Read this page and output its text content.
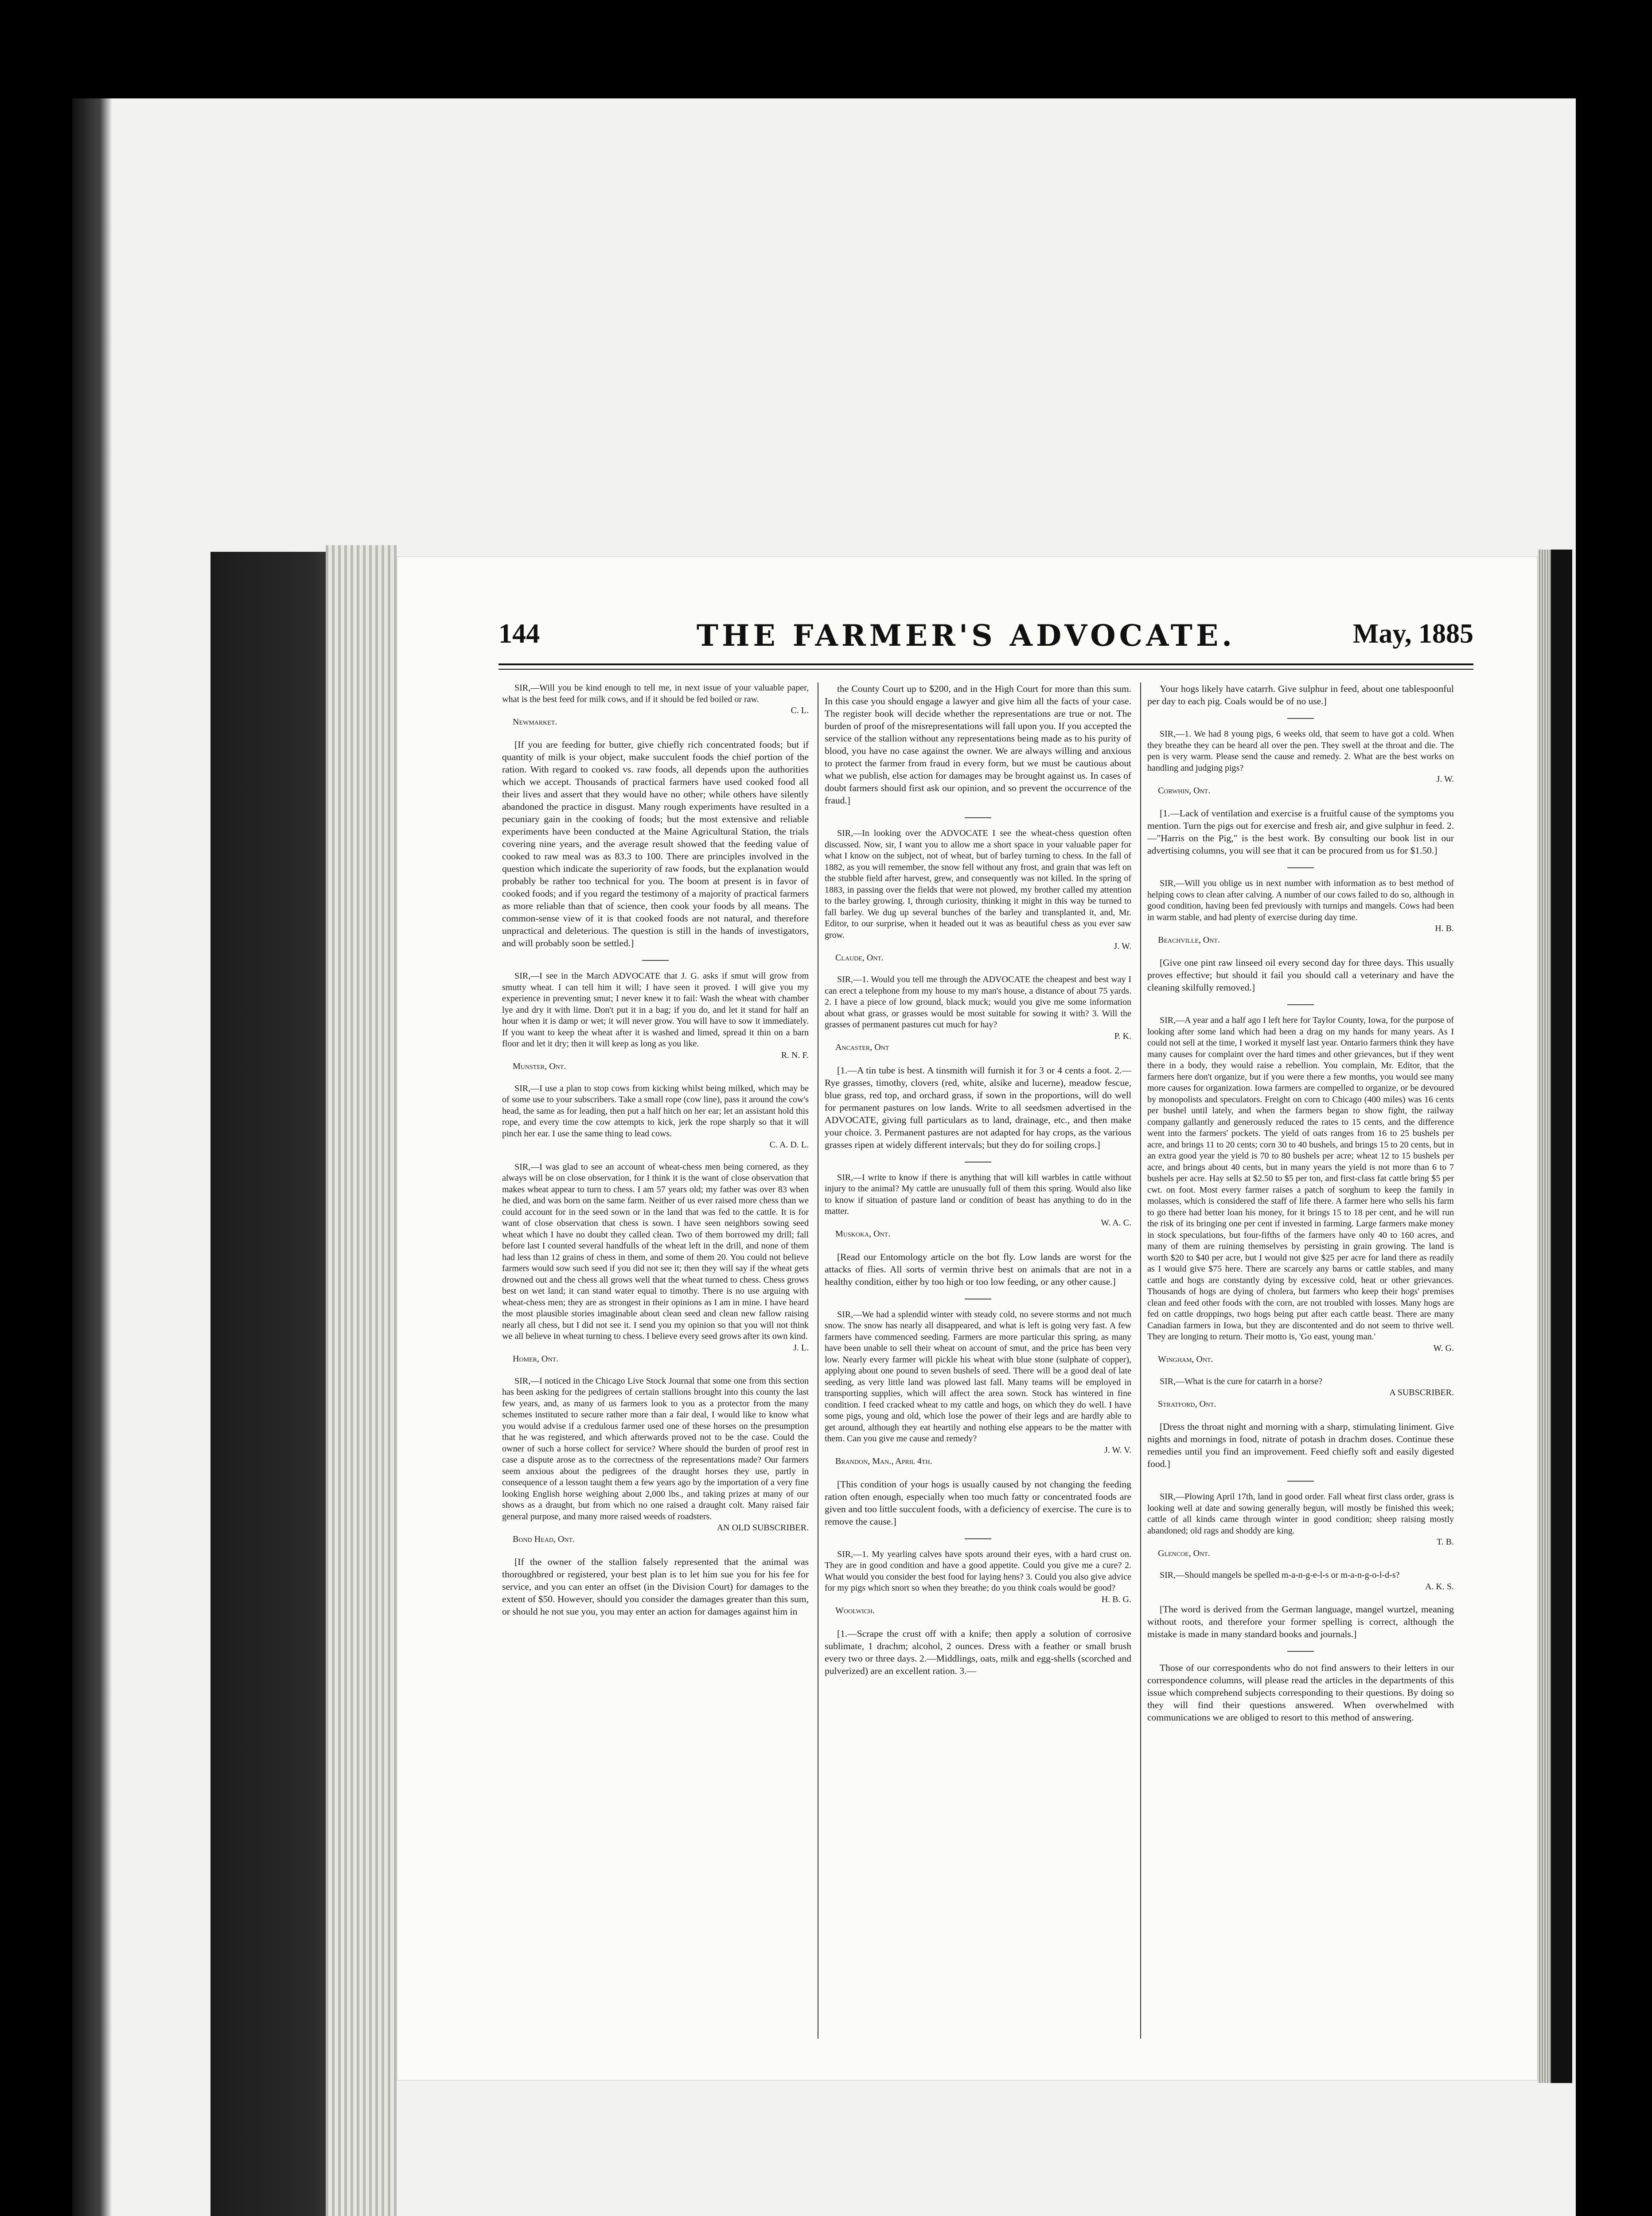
144	THE FARMER'S ADVOCATE.	May, 1885

SIR,—Will you be kind enough to tell me, in next issue of your valuable paper, what is the best feed for milk cows, and if it should be fed boiled or raw.
C. L.
Newmarket.

[If you are feeding for butter, give chiefly rich concentrated foods; but if quantity of milk is your object, make succulent foods the chief portion of the ration. With regard to cooked vs. raw foods, all depends upon the authorities which we accept. Thousands of practical farmers have used cooked food all their lives and assert that they would have no other; while others have silently abandoned the practice in disgust. Many rough experiments have resulted in a pecuniary gain in the cooking of foods; but the most extensive and reliable experiments have been conducted at the Maine Agricultural Station, the trials covering nine years, and the average result showed that the feeding value of cooked to raw meal was as 83.3 to 100. There are principles involved in the question which indicate the superiority of raw foods, but the explanation would probably be rather too technical for you. The boom at present is in favor of cooked foods; and if you regard the testimony of a majority of practical farmers as more reliable than that of science, then cook your foods by all means. The common-sense view of it is that cooked foods are not natural, and therefore unpractical and deleterious. The question is still in the hands of investigators, and will probably soon be settled.]

SIR,—I see in the March ADVOCATE that J. G. asks if smut will grow from smutty wheat. I can tell him it will; I have seen it proved. I will give you my experience in preventing smut; I never knew it to fail: Wash the wheat with chamber lye and dry it with lime. Don't put it in a bag; if you do, and let it stand for half an hour when it is damp or wet; it will never grow. You will have to sow it immediately. If you want to keep the wheat after it is washed and limed, spread it thin on a barn floor and let it dry; then it will keep as long as you like.
R. N. F.
Munster, Ont.

SIR,—I use a plan to stop cows from kicking whilst being milked, which may be of some use to your subscribers. Take a small rope (cow line), pass it around the cow's head, the same as for leading, then put a half hitch on her ear; let an assistant hold this rope, and every time the cow attempts to kick, jerk the rope sharply so that it will pinch her ear. I use the same thing to lead cows.
C. A. D. L.

SIR,—I was glad to see an account of wheat-chess men being cornered, as they always will be on close observation, for I think it is the want of close observation that makes wheat appear to turn to chess. I am 57 years old; my father was over 83 when he died, and was born on the same farm. Neither of us ever raised more chess than we could account for in the seed sown or in the land that was fed to the cattle. It is for want of close observation that chess is sown. I have seen neighbors sowing seed wheat which I have no doubt they called clean. Two of them borrowed my drill; fall before last I counted several handfulls of the wheat left in the drill, and none of them had less than 12 grains of chess in them, and some of them 20. You could not believe farmers would sow such seed if you did not see it; then they will say if the wheat gets drowned out and the chess all grows well that the wheat turned to chess. Chess grows best on wet land; it can stand water equal to timothy. There is no use arguing with wheat-chess men; they are as strongest in their opinions as I am in mine. I have heard the most plausible stories imaginable about clean seed and clean new fallow raising nearly all chess, but I did not see it. I send you my opinion so that you will not think we all believe in wheat turning to chess. I believe every seed grows after its own kind.
J. L.
Homer, Ont.

SIR,—I noticed in the Chicago Live Stock Journal that some one from this section has been asking for the pedigrees of certain stallions brought into this county the last few years, and, as many of us farmers look to you as a protector from the many schemes instituted to secure rather more than a fair deal, I would like to know what you would advise if a credulous farmer used one of these horses on the presumption that he was registered, and which afterwards proved not to be the case. Could the owner of such a horse collect for service? Where should the burden of proof rest in case a dispute arose as to the correctness of the representations made? Our farmers seem anxious about the pedigrees of the draught horses they use, partly in consequence of a lesson taught them a few years ago by the importation of a very fine looking English horse weighing about 2,000 lbs., and taking prizes at many of our shows as a draught, but from which no one raised a draught colt. Many raised fair general purpose, and many more raised weeds of roadsters.
AN OLD SUBSCRIBER.
Bond Head, Ont.

[If the owner of the stallion falsely represented that the animal was thoroughbred or registered, your best plan is to let him sue you for his fee for service, and you can enter an offset (in the Division Court) for damages to the extent of $50. However, should you consider the damages greater than this sum, or should he not sue you, you may enter an action for damages against him in

the County Court up to $200, and in the High Court for more than this sum. In this case you should engage a lawyer and give him all the facts of your case. The register book will decide whether the representations are true or not. The burden of proof of the misrepresentations will fall upon you. If you accepted the service of the stallion without any representations being made as to his purity of blood, you have no case against the owner. We are always willing and anxious to protect the farmer from fraud in every form, but we must be cautious about what we publish, else action for damages may be brought against us. In cases of doubt farmers should first ask our opinion, and so prevent the occurrence of the fraud.]

SIR,—In looking over the ADVOCATE I see the wheat-chess question often discussed. Now, sir, I want you to allow me a short space in your valuable paper for what I know on the subject, not of wheat, but of barley turning to chess. In the fall of 1882, as you will remember, the snow fell without any frost, and grain that was left on the stubble field after harvest, grew, and consequently was not killed. In the spring of 1883, in passing over the fields that were not plowed, my brother called my attention to the barley growing. I, through curiosity, thinking it might in this way be turned to fall barley. We dug up several bunches of the barley and transplanted it, and, Mr. Editor, to our surprise, when it headed out it was as beautiful chess as you ever saw grow.
J. W.
Claude, Ont.

SIR,—1. Would you tell me through the ADVOCATE the cheapest and best way I can erect a telephone from my house to my man's house, a distance of about 75 yards. 2. I have a piece of low ground, black muck; would you give me some information about what grass, or grasses would be most suitable for sowing it with? 3. Will the grasses of permanent pastures cut much for hay?
P. K.
Ancaster, Ont

[1.—A tin tube is best. A tinsmith will furnish it for 3 or 4 cents a foot. 2.—Rye grasses, timothy, clovers (red, white, alsike and lucerne), meadow fescue, blue grass, red top, and orchard grass, if sown in the proportions, will do well for permanent pastures on low lands. Write to all seedsmen advertised in the ADVOCATE, giving full particulars as to land, drainage, etc., and then make your choice. 3. Permanent pastures are not adapted for hay crops, as the various grasses ripen at widely different intervals; but they do for soiling crops.]

SIR,—I write to know if there is anything that will kill warbles in cattle without injury to the animal? My cattle are unusually full of them this spring. Would also like to know if situation of pasture land or condition of beast has anything to do in the matter.
W. A. C.
Muskoka, Ont.

[Read our Entomology article on the bot fly. Low lands are worst for the attacks of flies. All sorts of vermin thrive best on animals that are not in a healthy condition, either by too high or too low feeding, or any other cause.]

SIR,—We had a splendid winter with steady cold, no severe storms and not much snow. The snow has nearly all disappeared, and what is left is going very fast. A few farmers have commenced seeding. Farmers are more particular this spring, as many have been unable to sell their wheat on account of smut, and the price has been very low. Nearly every farmer will pickle his wheat with blue stone (sulphate of copper), applying about one pound to seven bushels of seed. There will be a good deal of late seeding, as very little land was plowed last fall. Many teams will be employed in transporting supplies, which will affect the area sown. Stock has wintered in fine condition. I feed cracked wheat to my cattle and hogs, on which they do well. I have some pigs, young and old, which lose the power of their legs and are hardly able to get around, although they eat heartily and nothing else appears to be the matter with them. Can you give me cause and remedy?
J. W. V.
Brandon, Man., April 4th.

[This condition of your hogs is usually caused by not changing the feeding ration often enough, especially when too much fatty or concentrated foods are given and too little succulent foods, with a deficiency of exercise. The cure is to remove the cause.]

SIR,—1. My yearling calves have spots around their eyes, with a hard crust on. They are in good condition and have a good appetite. Could you give me a cure? 2. What would you consider the best food for laying hens? 3. Could you also give advice for my pigs which snort so when they breathe; do you think coals would be good?
H. B. G.
Woolwich.

[1.—Scrape the crust off with a knife; then apply a solution of corrosive sublimate, 1 drachm; alcohol, 2 ounces. Dress with a feather or small brush every two or three days. 2.—Middlings, oats, milk and egg-shells (scorched and pulverized) are an excellent ration. 3.—

Your hogs likely have catarrh. Give sulphur in feed, about one tablespoonful per day to each pig. Coals would be of no use.]

SIR,—1. We had 8 young pigs, 6 weeks old, that seem to have got a cold. When they breathe they can be heard all over the pen. They swell at the throat and die. The pen is very warm. Please send the cause and remedy. 2. What are the best works on handling and judging pigs?
J. W.
Corwhin, Ont.

[1.—Lack of ventilation and exercise is a fruitful cause of the symptoms you mention. Turn the pigs out for exercise and fresh air, and give sulphur in feed. 2.—"Harris on the Pig," is the best work. By consulting our book list in our advertising columns, you will see that it can be procured from us for $1.50.]

SIR,—Will you oblige us in next number with information as to best method of helping cows to clean after calving. A number of our cows failed to do so, although in good condition, having been fed previously with turnips and mangels. Cows had been in warm stable, and had plenty of exercise during day time.
H. B.
Beachville, Ont.

[Give one pint raw linseed oil every second day for three days. This usually proves effective; but should it fail you should call a veterinary and have the cleaning skilfully removed.]

SIR,—A year and a half ago I left here for Taylor County, Iowa, for the purpose of looking after some land which had been a drag on my hands for many years. As I could not sell at the time, I worked it myself last year. Ontario farmers think they have many causes for complaint over the hard times and other grievances, but if they went there in a body, they would raise a rebellion. You complain, Mr. Editor, that the farmers here don't organize, but if you were there a few months, you would see many more causes for organization. Iowa farmers are compelled to organize, or be devoured by monopolists and speculators. Freight on corn to Chicago (400 miles) was 16 cents per bushel until lately, and when the farmers began to show fight, the railway company gallantly and generously reduced the rates to 15 cents, and the difference went into the farmers' pockets. The yield of oats ranges from 16 to 25 bushels per acre, and brings 11 to 20 cents; corn 30 to 40 bushels, and brings 15 to 20 cents, but in an extra good year the yield is 70 to 80 bushels per acre; wheat 12 to 15 bushels per acre, and brings about 40 cents, but in many years the yield is not more than 6 to 7 bushels per acre. Hay sells at $2.50 to $5 per ton, and first-class fat cattle bring $5 per cwt. on foot. Most every farmer raises a patch of sorghum to keep the family in molasses, which is considered the staff of life there. A farmer here who sells his farm to go there had better loan his money, for it brings 15 to 18 per cent, and he will run the risk of its bringing one per cent if invested in farming. Large farmers make money in stock speculations, but four-fifths of the farmers have only 40 to 160 acres, and many of them are ruining themselves by persisting in grain growing. The land is worth $20 to $40 per acre, but I would not give $25 per acre for land there as readily as I would give $75 here. There are scarcely any barns or cattle stables, and many cattle and hogs are constantly dying by excessive cold, heat or other grievances. Thousands of hogs are dying of cholera, but farmers who keep their hogs' premises clean and feed other foods with the corn, are not troubled with losses. Many hogs are fed on cattle droppings, two hogs being put after each cattle beast. There are many Canadian farmers in Iowa, but they are discontented and do not seem to thrive well. They are longing to return. Their motto is, 'Go east, young man.'
W. G.
Wingham, Ont.

SIR,—What is the cure for catarrh in a horse?
A SUBSCRIBER.
Stratford, Ont.

[Dress the throat night and morning with a sharp, stimulating liniment. Give nights and mornings in food, nitrate of potash in drachm doses. Continue these remedies until you find an improvement. Feed chiefly soft and easily digested food.]

SIR,—Plowing April 17th, land in good order. Fall wheat first class order, grass is looking well at date and sowing generally begun, will mostly be finished this week; cattle of all kinds came through winter in good condition; sheep raising mostly abandoned; old rags and shoddy are king.
T. B.
Glencoe, Ont.

SIR,—Should mangels be spelled m-a-n-g-e-l-s or m-a-n-g-o-l-d-s?
A. K. S.

[The word is derived from the German language, mangel wurtzel, meaning without roots, and therefore your former spelling is correct, although the mistake is made in many standard books and journals.]

Those of our correspondents who do not find answers to their letters in our correspondence columns, will please read the articles in the departments of this issue which comprehend subjects corresponding to their questions. By doing so they will find their questions answered. When overwhelmed with communications we are obliged to resort to this method of answering.
